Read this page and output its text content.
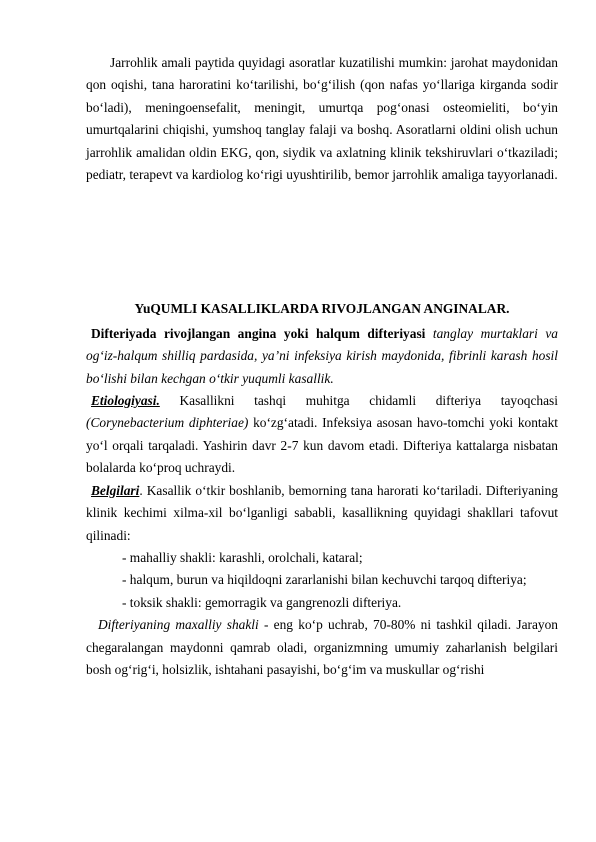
Jarrohlik amali paytida quyidagi asoratlar kuzatilishi mumkin: jarohat maydonidan qon oqishi, tana haroratini koʻtarilishi, boʻgʻilish (qon nafas yoʻllariga kirganda sodir boʻladi), meningoensefalit, meningit, umurtqa pogʻonasi osteomieliti, boʻyin umurtqalarini chiqishi, yumshoq tanglay falaji va boshq. Asoratlarni oldini olish uchun jarrohlik amalidan oldin EKG, qon, siydik va axlatning klinik tekshiruvlari oʻtkaziladi; pediatr, terapevt va kardiolog koʻrigi uyushtirilib, bemor jarrohlik amaliga tayyorlanadi.

YuQUMLI KASALLIKLARDA RIVOJLANGAN ANGINALAR.

Difteriyada rivojlangan angina yoki halqum difteriyasi tanglay murtaklari va ogʻiz-halqum shilliq pardasida, yaʼni infeksiya kirish maydonida, fibrinli karash hosil boʻlishi bilan kechgan oʻtkir yuqumli kasallik.

Etiologiyasi. Kasallikni tashqi muhitga chidamli difteriya tayoqchasi (Corynebacterium diphteriae) koʻzgʻatadi. Infeksiya asosan havo-tomchi yoki kontakt yoʻl orqali tarqaladi. Yashirin davr 2-7 kun davom etadi. Difteriya kattalarga nisbatan bolalarda koʻproq uchraydi.

Belgilari. Kasallik oʻtkir boshlanib, bemorning tana harorati koʻtariladi. Difteriyaning klinik kechimi xilma-xil boʻlganligi sababli, kasallikning quyidagi shakllari tafovut qilinadi:

- mahalliy shakli: karashli, orolchali, kataral;

- halqum, burun va hiqildoqni zararlanishi bilan kechuvchi tarqoq difteriya;

- toksik shakli: gemorragik va gangrenozli difteriya.

Difteriyaning maxalliy shakli - eng koʻp uchrab, 70-80% ni tashkil qiladi. Jarayon chegaralangan maydonni qamrab oladi, organizmning umumiy zaharlanish belgilari bosh ogʻrigʻi, holsizlik, ishtahani pasayishi, boʻgʻim va muskullar ogʻrishi
